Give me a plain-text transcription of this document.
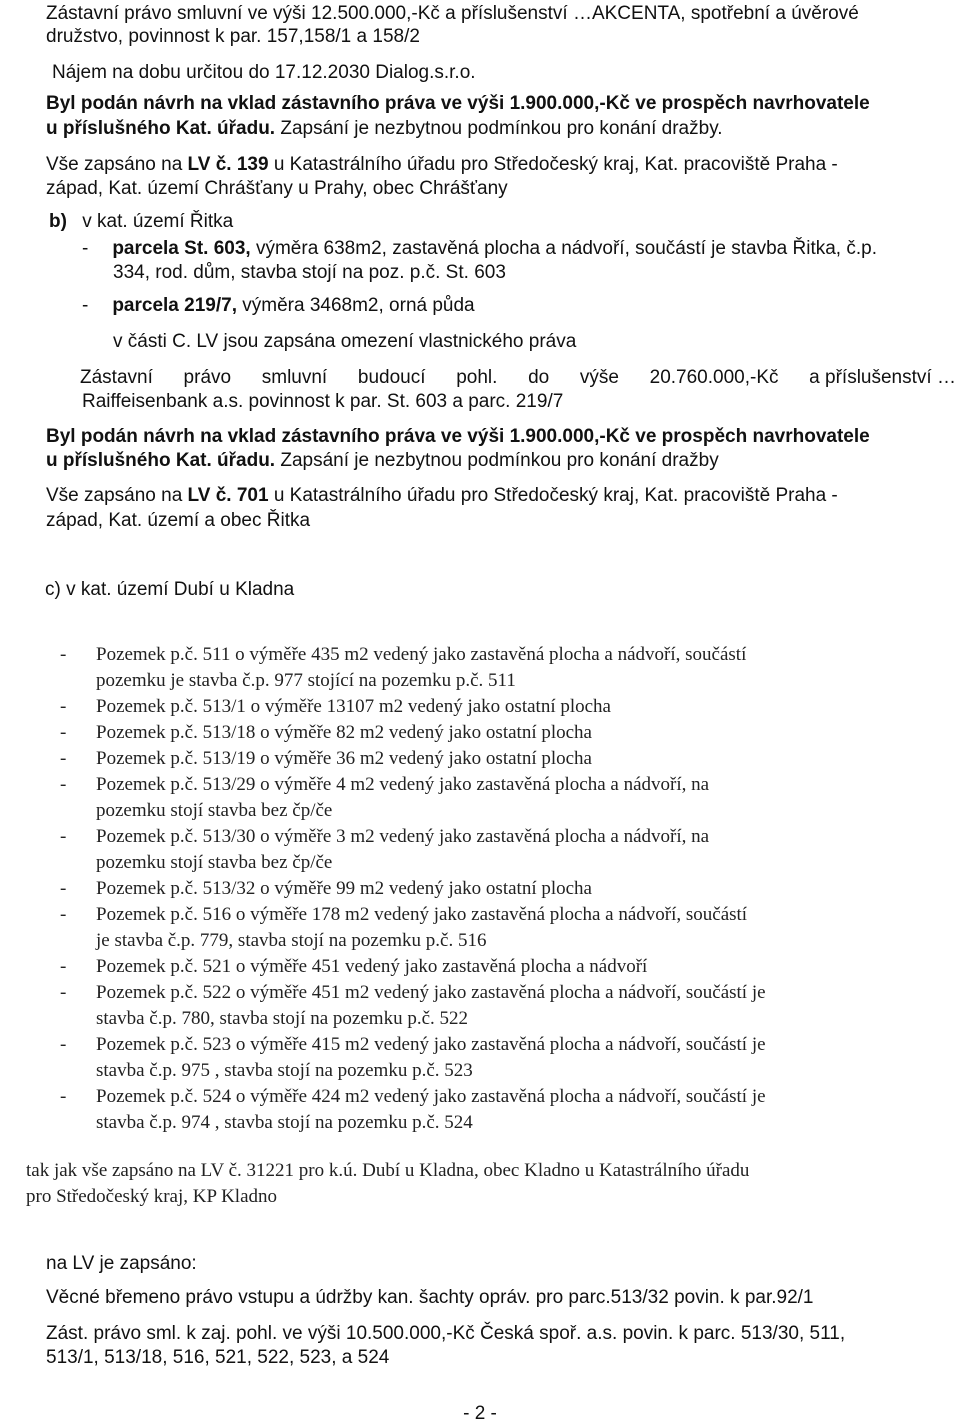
Zástavní právo smluvní ve výši 12.500.000,-Kč a příslušenství …AKCENTA, spotřební a úvěrové
družstvo, povinnost k par. 157,158/1 a 158/2
Nájem na dobu určitou do 17.12.2030 Dialog.s.r.o.
Byl podán návrh na vklad zástavního práva ve výši 1.900.000,-Kč ve prospěch navrhovatele
u příslušného Kat. úřadu. Zapsání je nezbytnou podmínkou pro konání dražby.
Vše zapsáno na LV č. 139 u Katastrálního úřadu pro Středočeský kraj, Kat. pracoviště Praha -
západ, Kat. území Chrášťany u Prahy, obec Chrášťany
b) v kat. území Řitka
- parcela St. 603, výměra 638m2, zastavěná plocha a nádvoří, součástí je stavba Řitka, č.p.
334, rod. dům, stavba stojí na poz. p.č. St. 603
- parcela 219/7, výměra 3468m2, orná půda
v části C. LV jsou zapsána omezení vlastnického práva
Zástavní právo smluvní budoucí pohl. do výše 20.760.000,-Kč a příslušenství …
Raiffeisenbank a.s. povinnost k par. St. 603 a parc. 219/7
Byl podán návrh na vklad zástavního práva ve výši 1.900.000,-Kč ve prospěch navrhovatele
u příslušného Kat. úřadu. Zapsání je nezbytnou podmínkou pro konání dražby
Vše zapsáno na LV č. 701 u Katastrálního úřadu pro Středočeský kraj, Kat. pracoviště Praha -
západ, Kat. území a obec Řitka
c) v kat. území Dubí u Kladna
- Pozemek p.č. 511 o výměře 435 m2 vedený jako zastavěná plocha a nádvoří, součástí
pozemku je stavba č.p. 977 stojící na pozemku p.č. 511
- Pozemek p.č. 513/1 o výměře 13107 m2 vedený jako ostatní plocha
- Pozemek p.č. 513/18 o výměře 82 m2 vedený jako ostatní plocha
- Pozemek p.č. 513/19 o výměře 36 m2 vedený jako ostatní plocha
- Pozemek p.č. 513/29 o výměře 4 m2 vedený jako zastavěná plocha a nádvoří, na
pozemku stojí stavba bez čp/če
- Pozemek p.č. 513/30 o výměře 3 m2 vedený jako zastavěná plocha a nádvoří, na
pozemku stojí stavba bez čp/če
- Pozemek p.č. 513/32 o výměře 99 m2 vedený jako ostatní plocha
- Pozemek p.č. 516 o výměře 178 m2 vedený jako zastavěná plocha a nádvoří, součástí
je stavba č.p. 779, stavba stojí na pozemku p.č. 516
- Pozemek p.č. 521 o výměře 451 vedený jako zastavěná plocha a nádvoří
- Pozemek p.č. 522 o výměře 451 m2 vedený jako zastavěná plocha a nádvoří, součástí je
stavba č.p. 780, stavba stojí na pozemku p.č. 522
- Pozemek p.č. 523 o výměře 415 m2 vedený jako zastavěná plocha a nádvoří, součástí je
stavba č.p. 975 , stavba stojí na pozemku p.č. 523
- Pozemek p.č. 524 o výměře 424 m2 vedený jako zastavěná plocha a nádvoří, součástí je
stavba č.p. 974 , stavba stojí na pozemku p.č. 524
tak jak vše zapsáno na LV č. 31221 pro k.ú. Dubí u Kladna, obec Kladno u Katastrálního úřadu
pro Středočeský kraj, KP Kladno
na LV je zapsáno:
Věcné břemeno právo vstupu a údržby kan. šachty opráv. pro parc.513/32 povin. k par.92/1
Zást. právo sml. k zaj. pohl. ve výši 10.500.000,-Kč Česká spoř. a.s. povin. k parc. 513/30, 511,
513/1, 513/18, 516, 521, 522, 523, a 524
- 2 -
